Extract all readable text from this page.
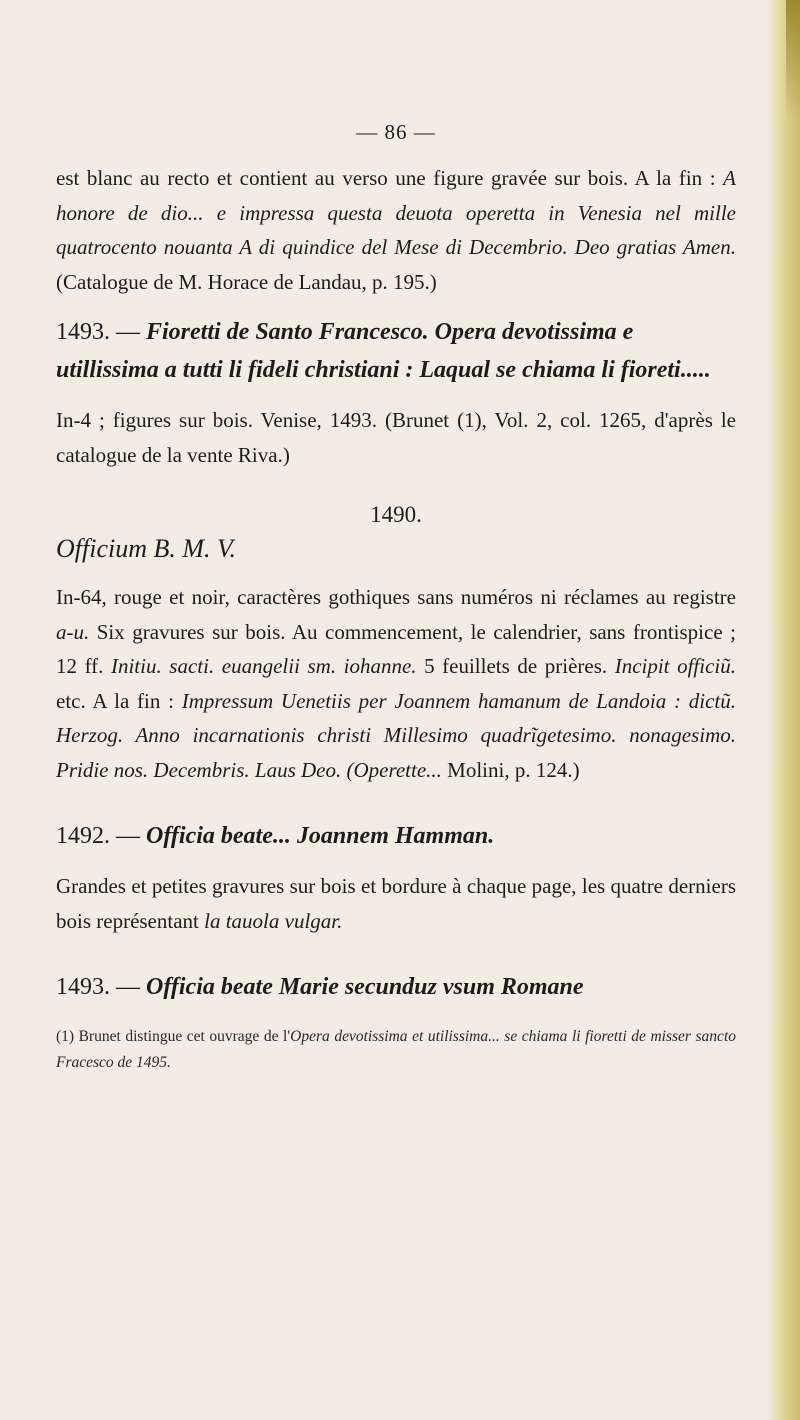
— 86 —

est blanc au recto et contient au verso une figure gravée sur bois. A la fin : A honore de dio... e impressa questa deuota operetta in Venesia nel mille quatrocento nouanta A di quindice del Mese di Decembrio. Deo gratias Amen. (Catalogue de M. Horace de Landau, p. 195.)

1493. — Fioretti de Santo Francesco. Opera devotissima e utillissima a tutti li fideli christiani : Laqual se chiama li fioreti.....

In-4 ; figures sur bois. Venise, 1493. (Brunet (1), Vol. 2, col. 1265, d'après le catalogue de la vente Riva.)

1490.
Officium B. M. V.

In-64, rouge et noir, caractères gothiques sans numéros ni réclames au registre a-u. Six gravures sur bois. Au commencement, le calendrier, sans frontispice ; 12 ff. Initiu. sacti. euangelii sm. iohanne. 5 feuillets de prières. Incipit officiũ. etc. A la fin : Impressum Uenetiis per Joannem hamanum de Landoia : dictũ. Herzog. Anno incarnationis christi Millesimo quadrĩgetesimo. nonagesimo. Pridie nos. Decembris. Laus Deo. (Operette... Molini, p. 124.)

1492. — Officia beate... Joannem Hamman.

Grandes et petites gravures sur bois et bordure à chaque page, les quatre derniers bois représentant la tauola vulgar.

1493. — Officia beate Marie secunduz vsum Romane

(1) Brunet distingue cet ouvrage de l'Opera devotissima et utilissima... se chiama li fioretti de misser sancto Fracesco de 1495.
